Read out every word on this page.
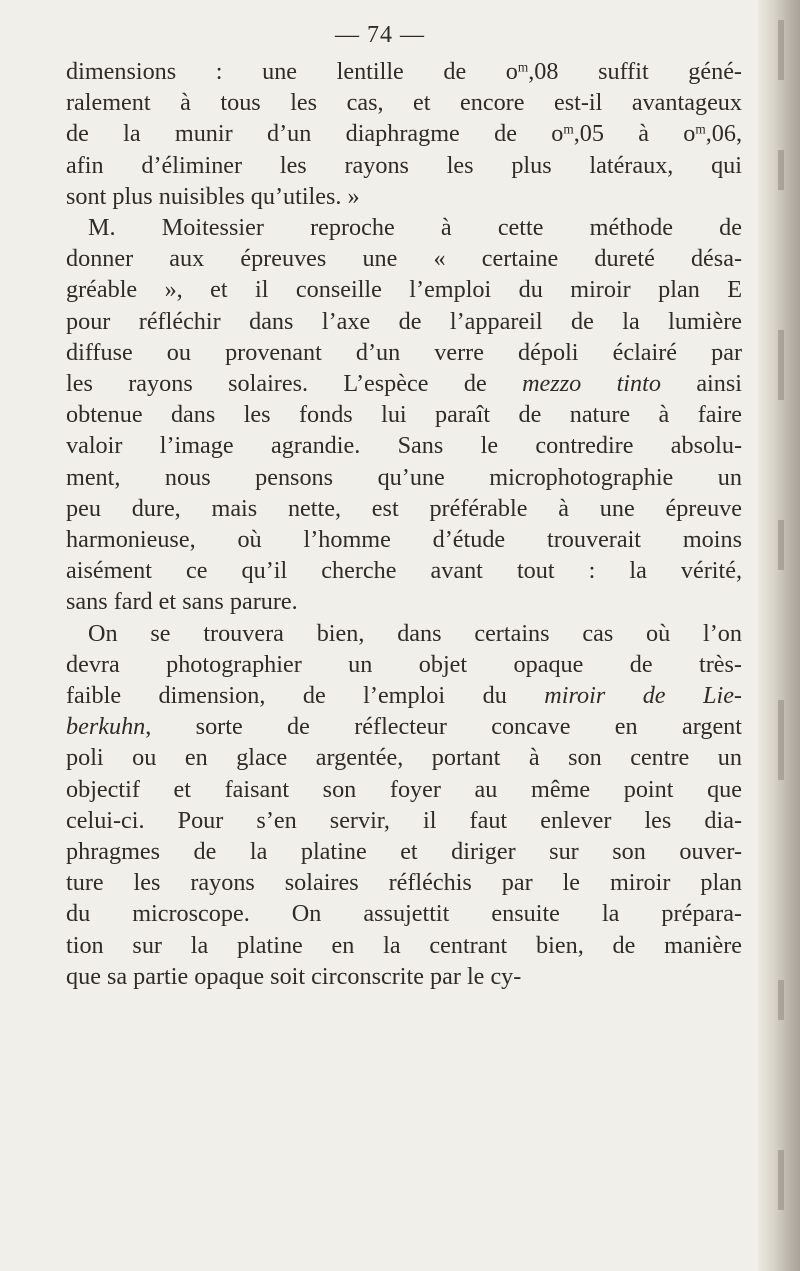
— 74 —
dimensions : une lentille de $o^m,08$ suffit géné-
ralement à tous les cas, et encore est-il avantageux
de la munir d’un diaphragme de $o^m,05$ à $o^m,06$,
afin d’éliminer les rayons les plus latéraux, qui
sont plus nuisibles qu’utiles. »
M. Moitessier reproche à cette méthode de
donner aux épreuves une « certaine dureté désa-
gréable », et il conseille l’emploi du miroir plan E
pour réfléchir dans l’axe de l’appareil de la lumière
diffuse ou provenant d’un verre dépoli éclairé par
les rayons solaires. L’espèce de mezzo tinto ainsi
obtenue dans les fonds lui paraît de nature à faire
valoir l’image agrandie. Sans le contredire absolu-
ment, nous pensons qu’une microphotographie un
peu dure, mais nette, est préférable à une épreuve
harmonieuse, où l’homme d’étude trouverait moins
aisément ce qu’il cherche avant tout : la vérité,
sans fard et sans parure.
On se trouvera bien, dans certains cas où l’on
devra photographier un objet opaque de très-
faible dimension, de l’emploi du miroir de Lie-
berkuhn, sorte de réflecteur concave en argent
poli ou en glace argentée, portant à son centre un
objectif et faisant son foyer au même point que
celui-ci. Pour s’en servir, il faut enlever les dia-
phragmes de la platine et diriger sur son ouver-
ture les rayons solaires réfléchis par le miroir plan
du microscope. On assujettit ensuite la prépara-
tion sur la platine en la centrant bien, de manière
que sa partie opaque soit circonscrite par le cy-
